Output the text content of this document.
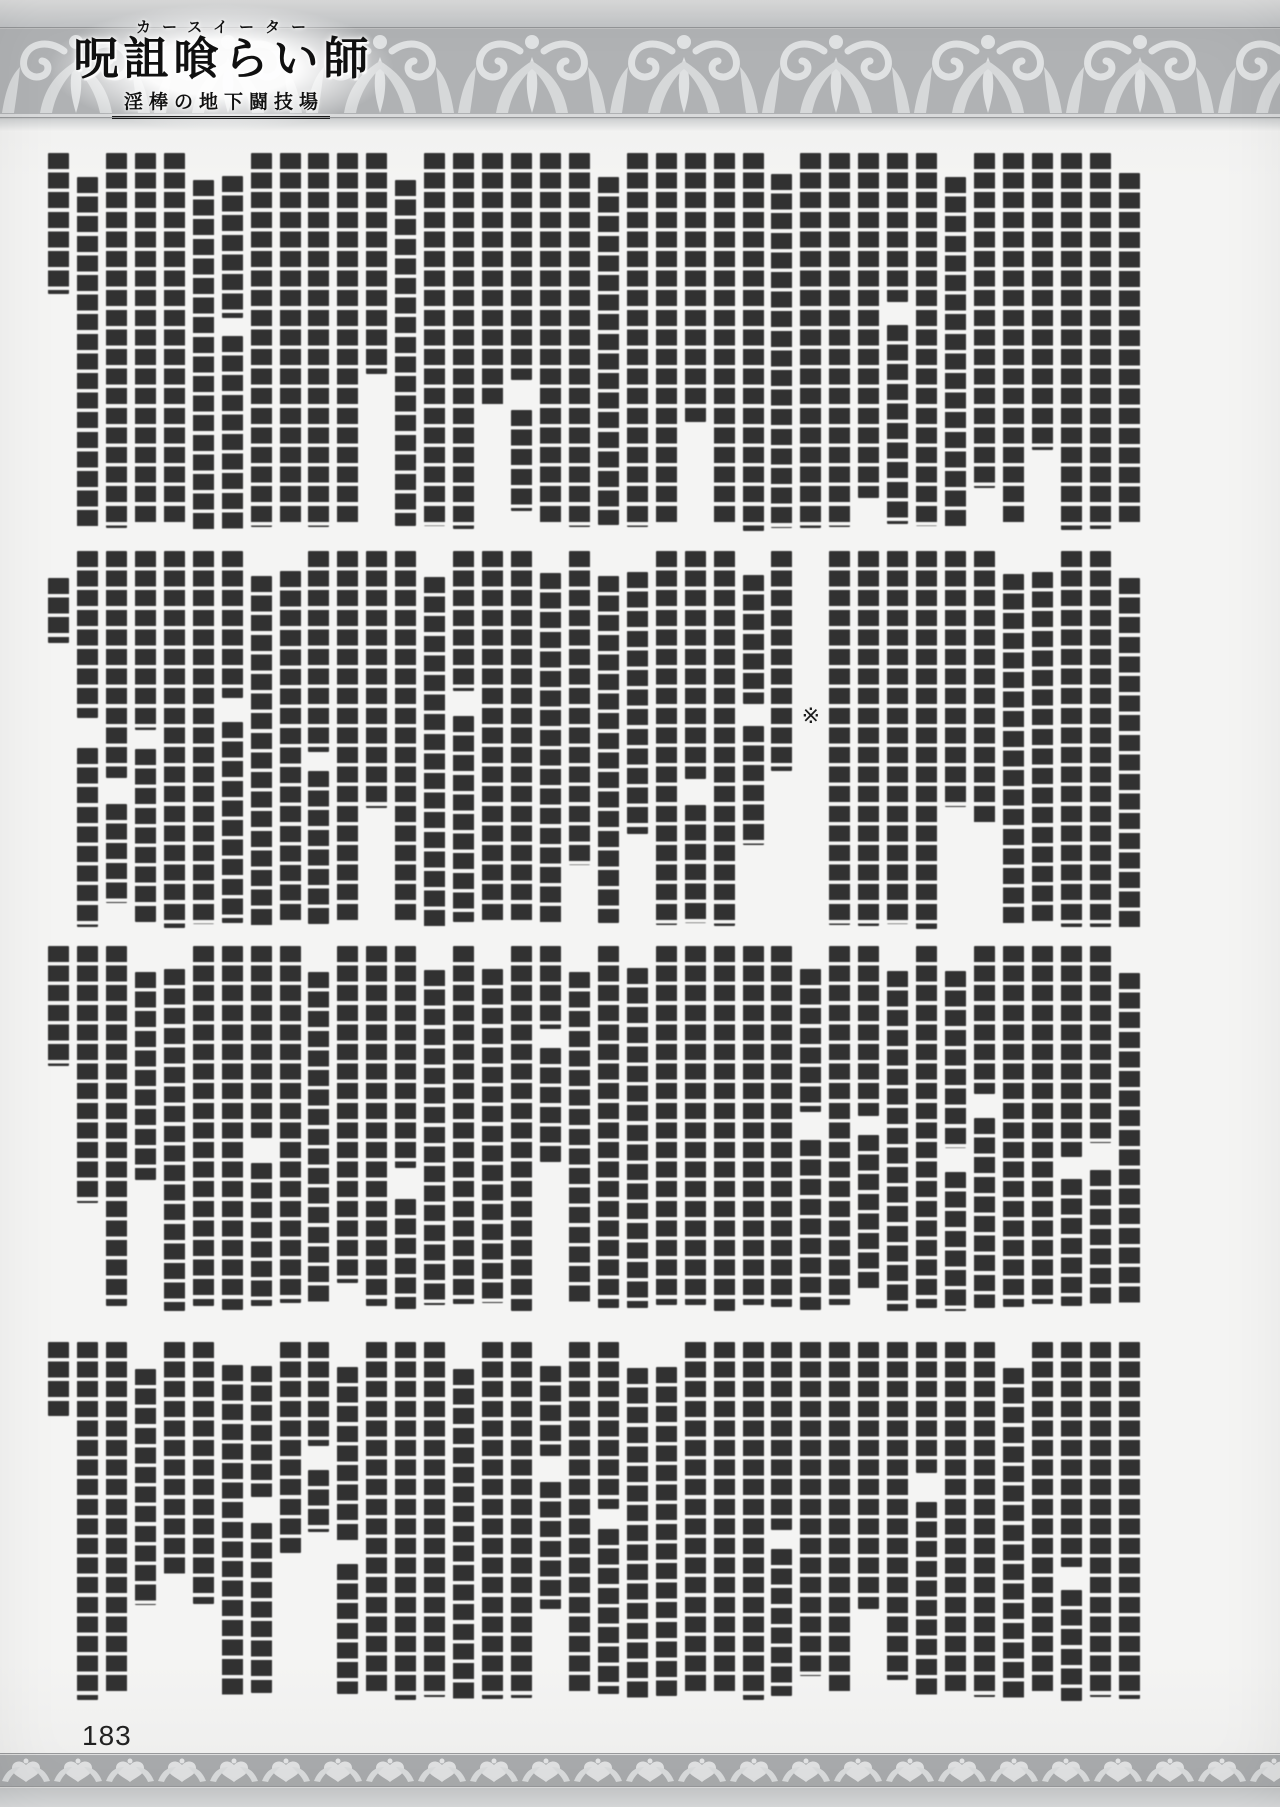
カースイーター
呪詛喰らい師
淫棒の地下闘技場
※
183
